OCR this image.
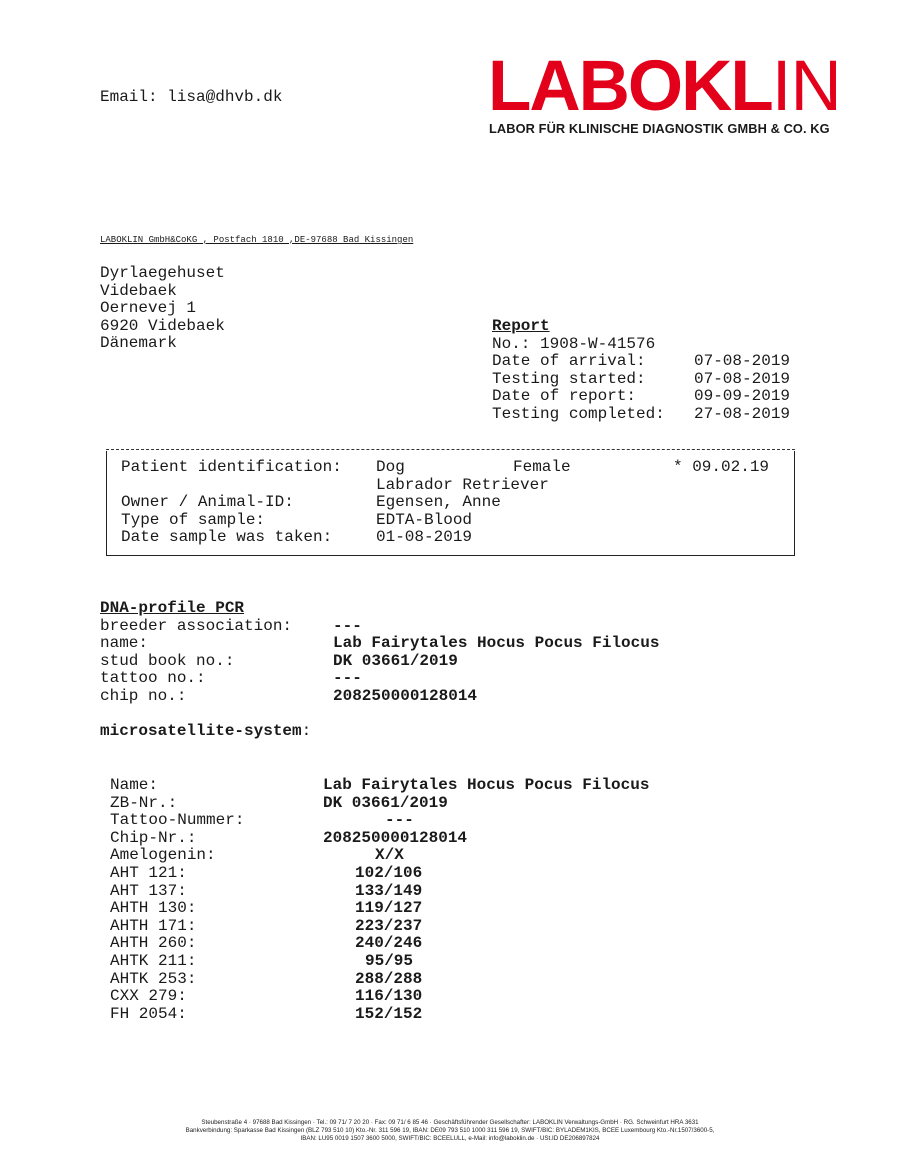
Email: lisa@dhvb.dk	LABOKLIN
LABOR FÜR KLINISCHE DIAGNOSTIK GMBH & CO. KG
LABOKLIN GmbH&CoKG , Postfach 1810 ,DE-97688 Bad Kissingen
Dyrlaegehuset
Videbaek
Oernevej 1
6920 Videbaek
Dänemark
Report
No.: 1908-W-41576
Date of arrival:	07-08-2019
Testing started:	07-08-2019
Date of report:	09-09-2019
Testing completed: 27-08-2019
Patient identification: Dog	Female	* 09.02.19
Labrador Retriever
Owner / Animal-ID:	Egensen, Anne
Type of sample:	EDTA-Blood
Date sample was taken:	01-08-2019
DNA-profile PCR
breeder association:	---
name:	Lab Fairytales Hocus Pocus Filocus
stud book no.:	DK 03661/2019
tattoo no.:	---
chip no.:	208250000128014
microsatellite-system:
Name:	Lab Fairytales Hocus Pocus Filocus
ZB-Nr.:	DK 03661/2019
Tattoo-Nummer:	---
Chip-Nr.:	208250000128014
Amelogenin:	X/X
AHT 121:	102/106
AHT 137:	133/149
AHTH 130:	119/127
AHTH 171:	223/237
AHTH 260:	240/246
AHTK 211:	95/95
AHTK 253:	288/288
CXX 279:	116/130
FH 2054:	152/152
Steubenstraße 4 · 97688 Bad Kissingen · Tel.: 09 71/ 7 20 20 · Fax: 09 71/ 6 85 46 · Geschäftsführender Gesellschafter: LABOKLIN Verwaltungs-GmbH · RG. Schweinfurt HRA 3631
Bankverbindung: Sparkasse Bad Kissingen (BLZ 793 510 10) Kto.-Nr. 311 596 19, IBAN: DE09 793 510 1000 311 596 19, SWIFT/BIC: BYLADEM1KIS, BCEE Luxembourg Kto.-Nr.1507/3600-5,
IBAN: LU95 0019 1507 3600 5000, SWIFT/BIC: BCEELULL, e-Mail: info@laboklin.de · USt.ID DE206897824
